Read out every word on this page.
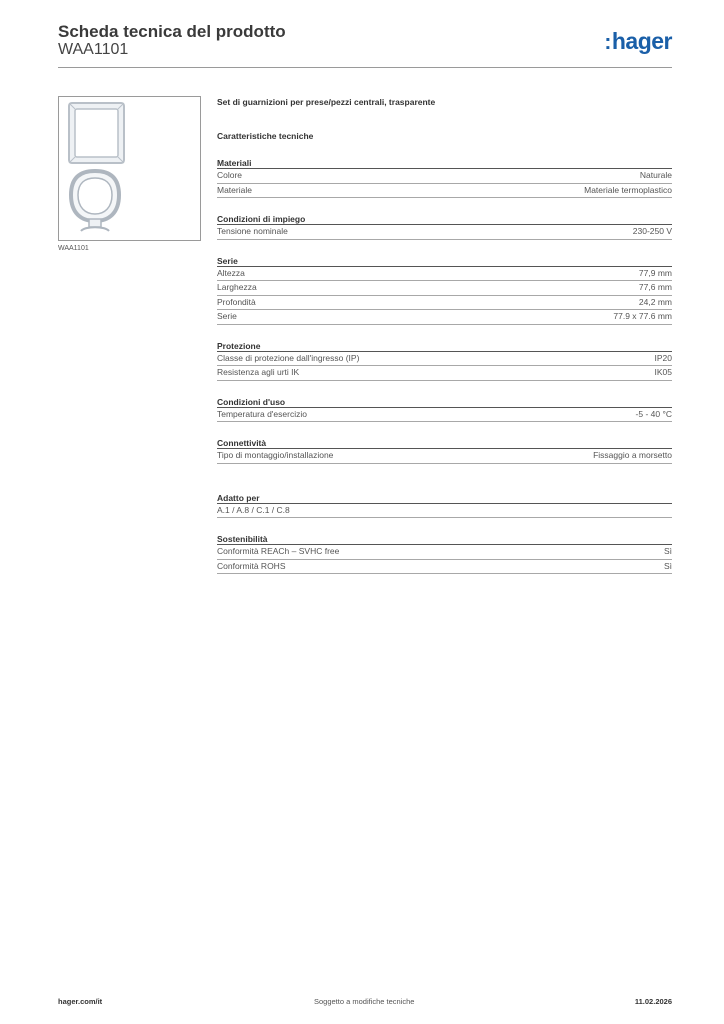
Scheda tecnica del prodotto
WAA1101	:hager
WAA1101
Set di guarnizioni per prese/pezzi centrali, trasparente
Caratteristiche tecniche
Materiali
Colore	Naturale
Materiale	Materiale termoplastico
Condizioni di impiego
Tensione nominale	230-250 V
Serie
Altezza	77,9 mm
Larghezza	77,6 mm
Profondità	24,2 mm
Serie	77.9 x 77.6 mm
Protezione
Classe di protezione dall'ingresso (IP)	IP20
Resistenza agli urti IK	IK05
Condizioni d'uso
Temperatura d'esercizio	-5 - 40 °C
Connettività
Tipo di montaggio/installazione	Fissaggio a morsetto
Adatto per
A.1 / A.8 / C.1 / C.8
Sostenibilità
Conformità REACh – SVHC free	Sì
Conformità ROHS	Sì
hager.com/it	Soggetto a modifiche tecniche	11.02.2026
